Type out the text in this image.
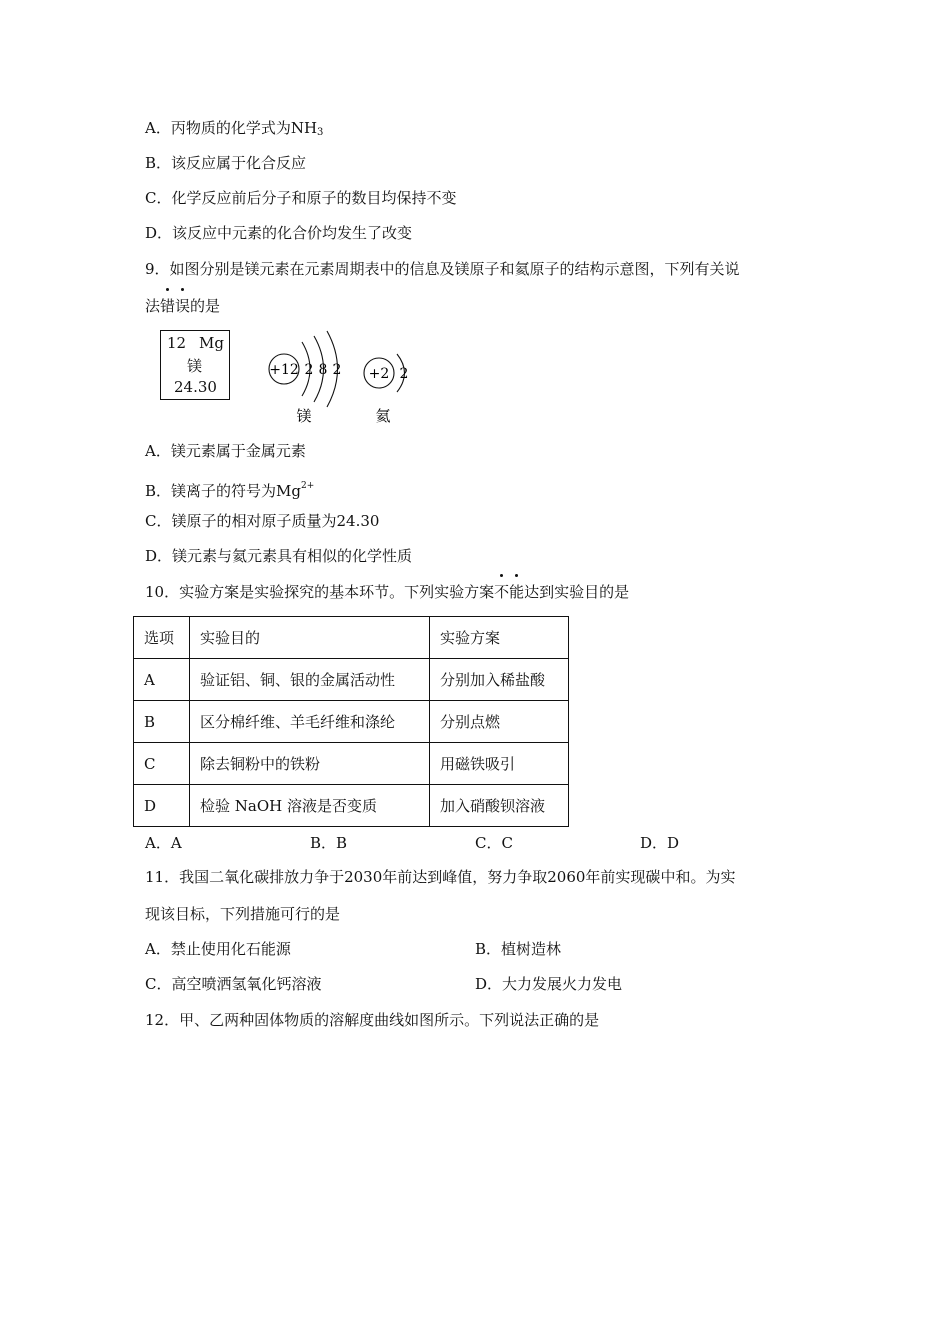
A．丙物质的化学式为$NH_3$
B．该反应属于化合反应
C．化学反应前后分子和原子的数目均保持不变
D．该反应中元素的化合价均发生了改变
9．如图分别是镁元素在元素周期表中的信息及镁原子和氦原子的结构示意图，下列有关说
法错误的是
12 Mg
镁
24.30
+12 2 8 2 +2 2
镁	氦
A．镁元素属于金属元素
B．镁离子的符号为$Mg^{2+}$
C．镁原子的相对原子质量为24.30
D．镁元素与氦元素具有相似的化学性质
10．实验方案是实验探究的基本环节。下列实验方案不能达到实验目的是
选项	实验目的	实验方案
A	验证铝、铜、银的金属活动性	分别加入稀盐酸
B	区分棉纤维、羊毛纤维和涤纶	分别点燃
C	除去铜粉中的铁粉	用磁铁吸引
D	检验 NaOH 溶液是否变质	加入硝酸钡溶液
A．A	B．B	C．C	D．D
11．我国二氧化碳排放力争于2030年前达到峰值，努力争取2060年前实现碳中和。为实
现该目标，下列措施可行的是
A．禁止使用化石能源	B．植树造林
C．高空喷洒氢氧化钙溶液	D．大力发展火力发电
12．甲、乙两种固体物质的溶解度曲线如图所示。下列说法正确的是
